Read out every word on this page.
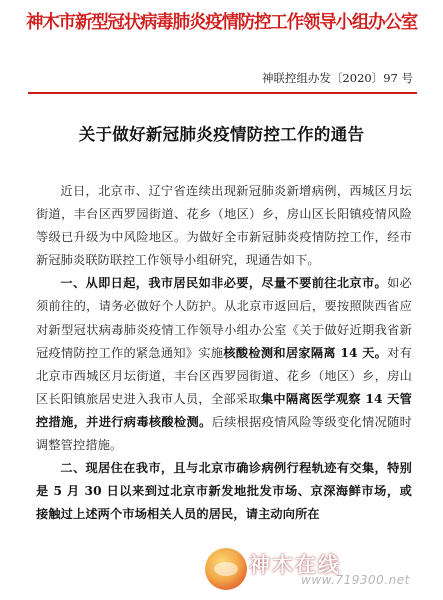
神木市新型冠状病毒肺炎疫情防控工作领导小组办公室
神联控组办发〔2020〕97 号
关于做好新冠肺炎疫情防控工作的通告

近日，北京市、辽宁省连续出现新冠肺炎新增病例，西城区月坛街道，丰台区西罗园街道、花乡（地区）乡，房山区长阳镇疫情风险等级已升级为中风险地区。为做好全市新冠肺炎疫情防控工作，经市新冠肺炎联防联控工作领导小组研究，现通告如下。

一、从即日起，我市居民如非必要，尽量不要前往北京市。如必须前往的，请务必做好个人防护。从北京市返回后，要按照陕西省应对新型冠状病毒肺炎疫情工作领导小组办公室《关于做好近期我省新冠疫情防控工作的紧急通知》实施核酸检测和居家隔离 14 天。对有北京市西城区月坛街道，丰台区西罗园街道、花乡（地区）乡，房山区长阳镇旅居史进入我市人员，全部采取集中隔离医学观察 14 天管控措施，并进行病毒核酸检测。后续根据疫情风险等级变化情况随时调整管控措施。

二、现居住在我市，且与北京市确诊病例行程轨迹有交集，特别是 5 月 30 日以来到过北京市新发地批发市场、京深海鲜市场，或接触过上述两个市场相关人员的居民，请主动向所在

神木在线
www.719300.net
